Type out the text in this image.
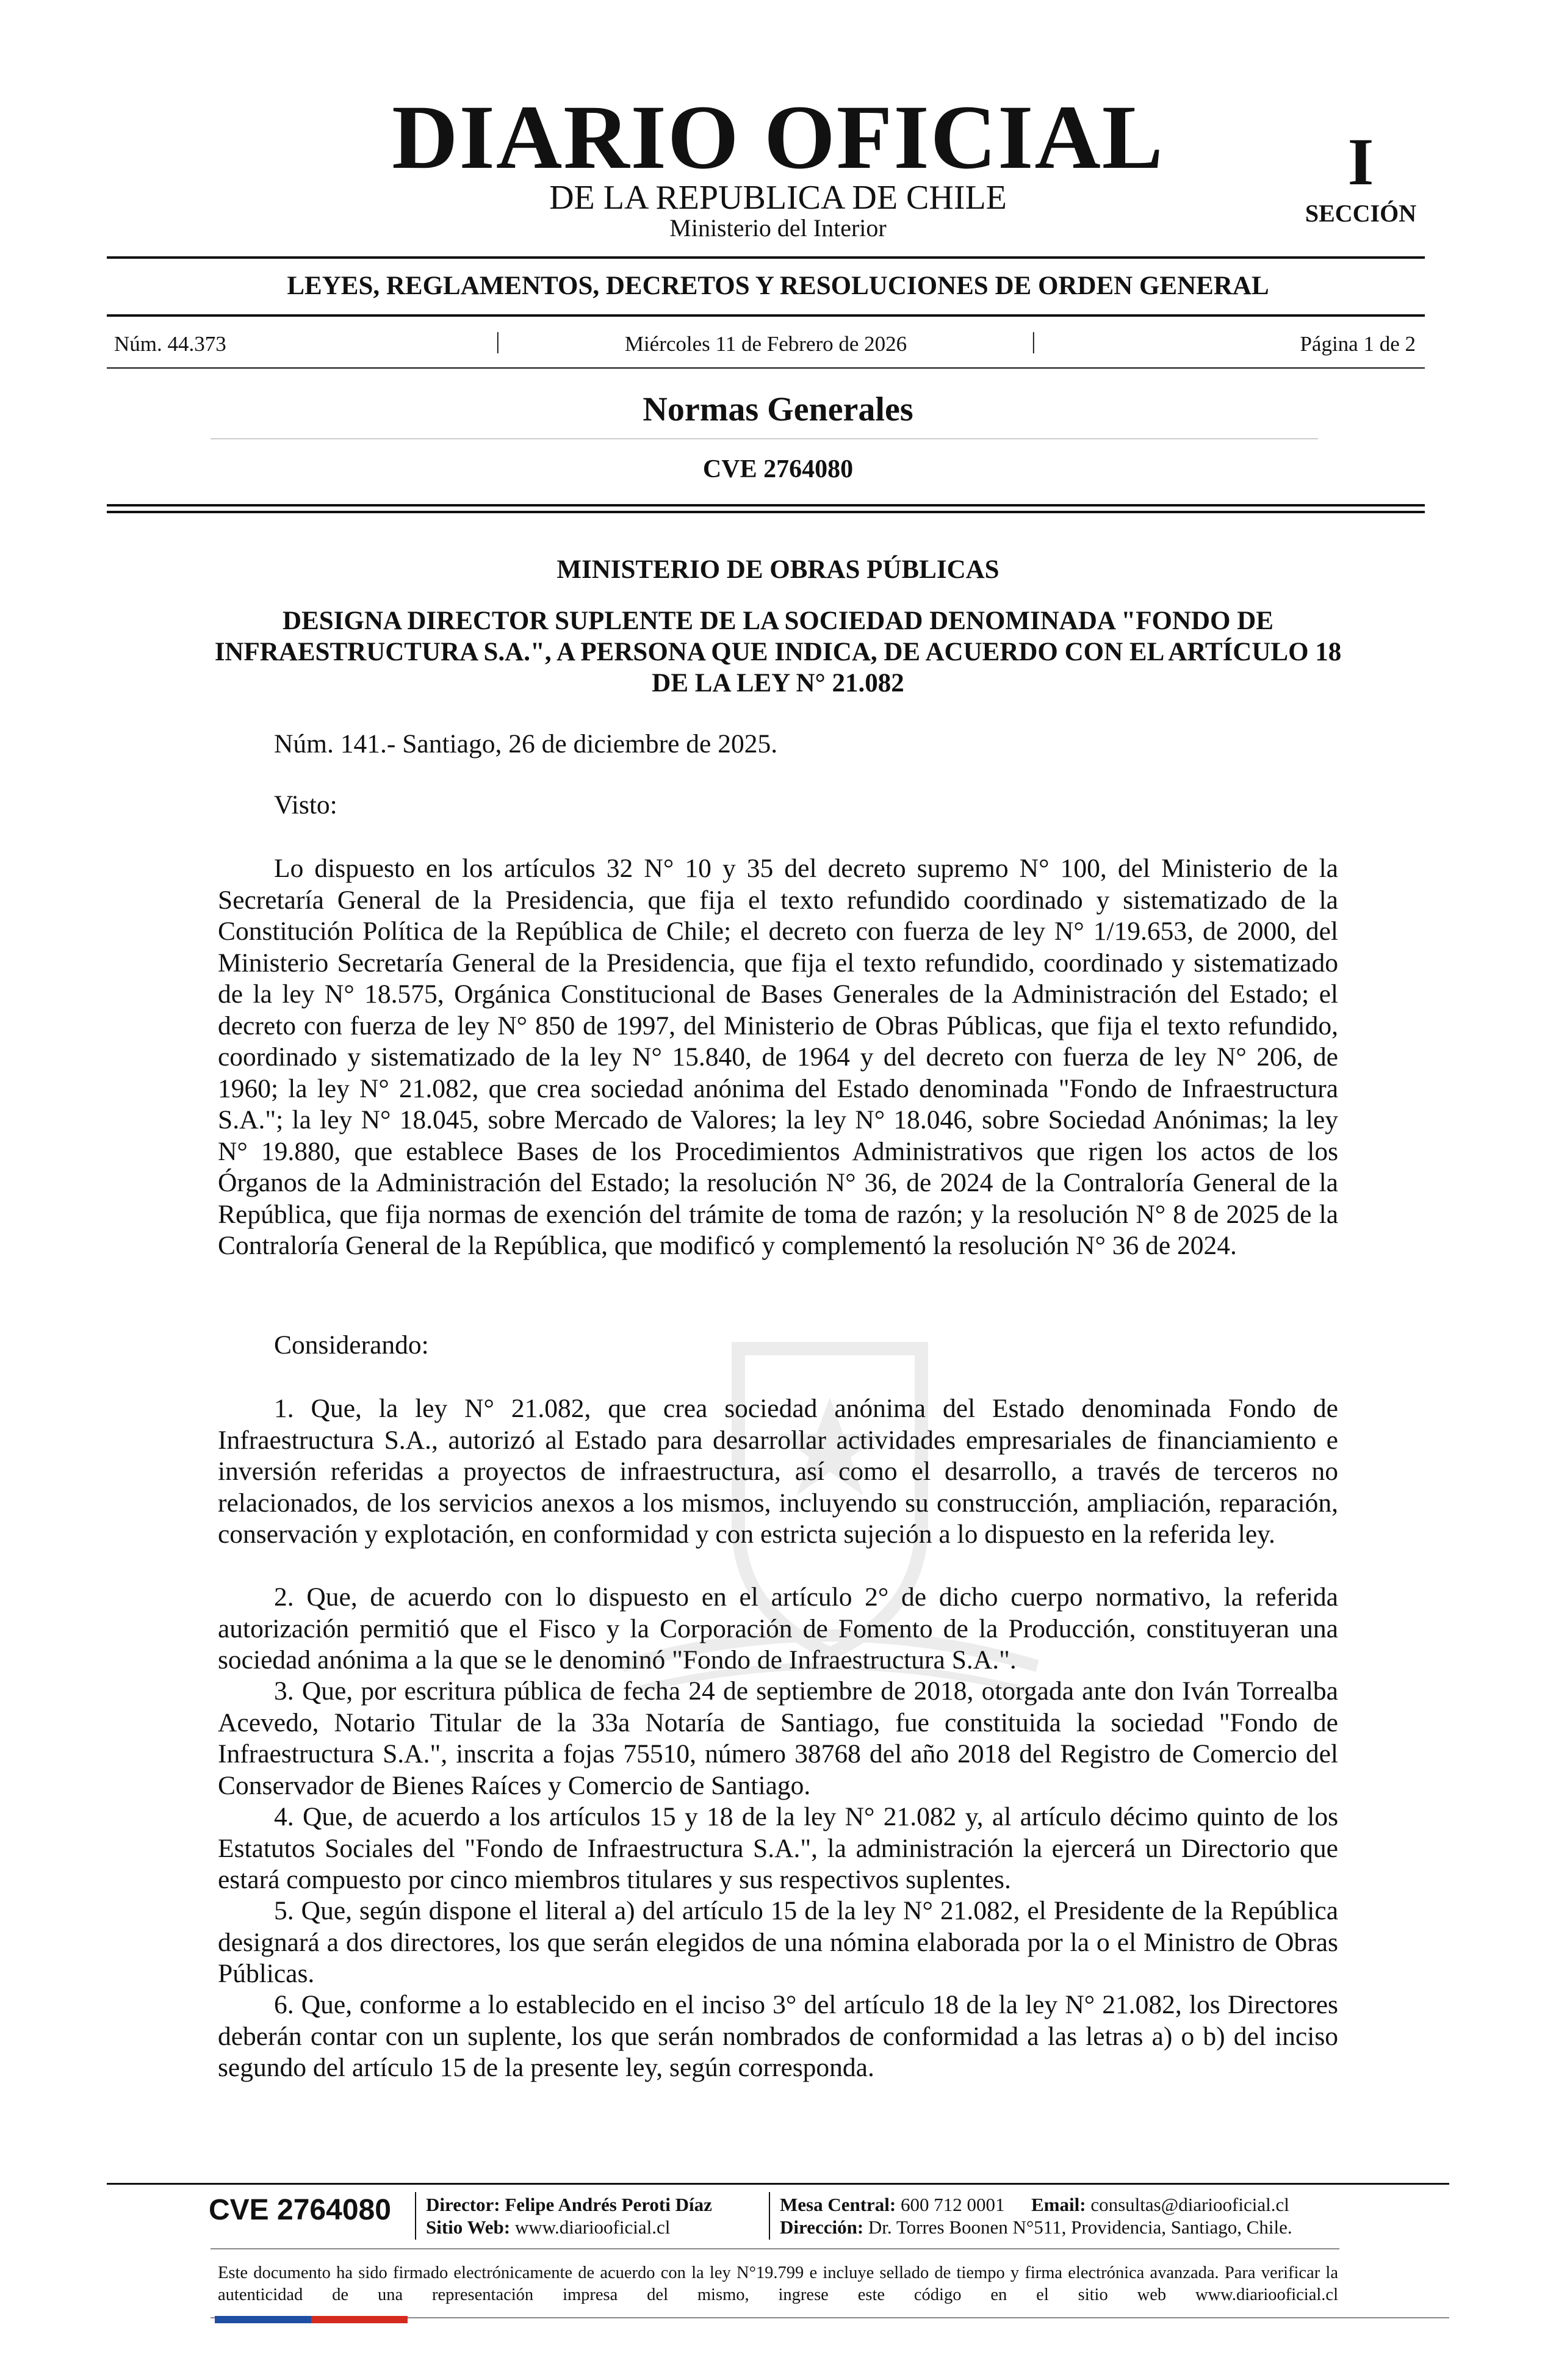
DIARIO OFICIAL
DE LA REPUBLICA DE CHILE
Ministerio del Interior
I
SECCIÓN
LEYES, REGLAMENTOS, DECRETOS Y RESOLUCIONES DE ORDEN GENERAL
Núm. 44.373	|	Miércoles 11 de Febrero de 2026	|	Página 1 de 2
Normas Generales
CVE 2764080
MINISTERIO DE OBRAS PÚBLICAS
DESIGNA DIRECTOR SUPLENTE DE LA SOCIEDAD DENOMINADA "FONDO DE INFRAESTRUCTURA S.A.", A PERSONA QUE INDICA, DE ACUERDO CON EL ARTÍCULO 18 DE LA LEY N° 21.082
Núm. 141.- Santiago, 26 de diciembre de 2025.
Visto:
Lo dispuesto en los artículos 32 N° 10 y 35 del decreto supremo N° 100, del Ministerio de la Secretaría General de la Presidencia, que fija el texto refundido coordinado y sistematizado de la Constitución Política de la República de Chile; el decreto con fuerza de ley N° 1/19.653, de 2000, del Ministerio Secretaría General de la Presidencia, que fija el texto refundido, coordinado y sistematizado de la ley N° 18.575, Orgánica Constitucional de Bases Generales de la Administración del Estado; el decreto con fuerza de ley N° 850 de 1997, del Ministerio de Obras Públicas, que fija el texto refundido, coordinado y sistematizado de la ley N° 15.840, de 1964 y del decreto con fuerza de ley N° 206, de 1960; la ley N° 21.082, que crea sociedad anónima del Estado denominada "Fondo de Infraestructura S.A."; la ley N° 18.045, sobre Mercado de Valores; la ley N° 18.046, sobre Sociedad Anónimas; la ley N° 19.880, que establece Bases de los Procedimientos Administrativos que rigen los actos de los Órganos de la Administración del Estado; la resolución N° 36, de 2024 de la Contraloría General de la República, que fija normas de exención del trámite de toma de razón; y la resolución N° 8 de 2025 de la Contraloría General de la República, que modificó y complementó la resolución N° 36 de 2024.
Considerando:
1. Que, la ley N° 21.082, que crea sociedad anónima del Estado denominada Fondo de Infraestructura S.A., autorizó al Estado para desarrollar actividades empresariales de financiamiento e inversión referidas a proyectos de infraestructura, así como el desarrollo, a través de terceros no relacionados, de los servicios anexos a los mismos, incluyendo su construcción, ampliación, reparación, conservación y explotación, en conformidad y con estricta sujeción a lo dispuesto en la referida ley.
2. Que, de acuerdo con lo dispuesto en el artículo 2° de dicho cuerpo normativo, la referida autorización permitió que el Fisco y la Corporación de Fomento de la Producción, constituyeran una sociedad anónima a la que se le denominó "Fondo de Infraestructura S.A.".
3. Que, por escritura pública de fecha 24 de septiembre de 2018, otorgada ante don Iván Torrealba Acevedo, Notario Titular de la 33a Notaría de Santiago, fue constituida la sociedad "Fondo de Infraestructura S.A.", inscrita a fojas 75510, número 38768 del año 2018 del Registro de Comercio del Conservador de Bienes Raíces y Comercio de Santiago.
4. Que, de acuerdo a los artículos 15 y 18 de la ley N° 21.082 y, al artículo décimo quinto de los Estatutos Sociales del "Fondo de Infraestructura S.A.", la administración la ejercerá un Directorio que estará compuesto por cinco miembros titulares y sus respectivos suplentes.
5. Que, según dispone el literal a) del artículo 15 de la ley N° 21.082, el Presidente de la República designará a dos directores, los que serán elegidos de una nómina elaborada por la o el Ministro de Obras Públicas.
6. Que, conforme a lo establecido en el inciso 3° del artículo 18 de la ley N° 21.082, los Directores deberán contar con un suplente, los que serán nombrados de conformidad a las letras a) o b) del inciso segundo del artículo 15 de la presente ley, según corresponda.
CVE 2764080 Director: Felipe Andrés Peroti Díaz
Sitio Web: www.diariooficial.cl
Mesa Central: 600 712 0001 Email: consultas@diariooficial.cl
Dirección: Dr. Torres Boonen N°511, Providencia, Santiago, Chile.
Este documento ha sido firmado electrónicamente de acuerdo con la ley N°19.799 e incluye sellado de tiempo y firma electrónica avanzada. Para verificar la autenticidad de una representación impresa del mismo, ingrese este código en el sitio web www.diariooficial.cl
